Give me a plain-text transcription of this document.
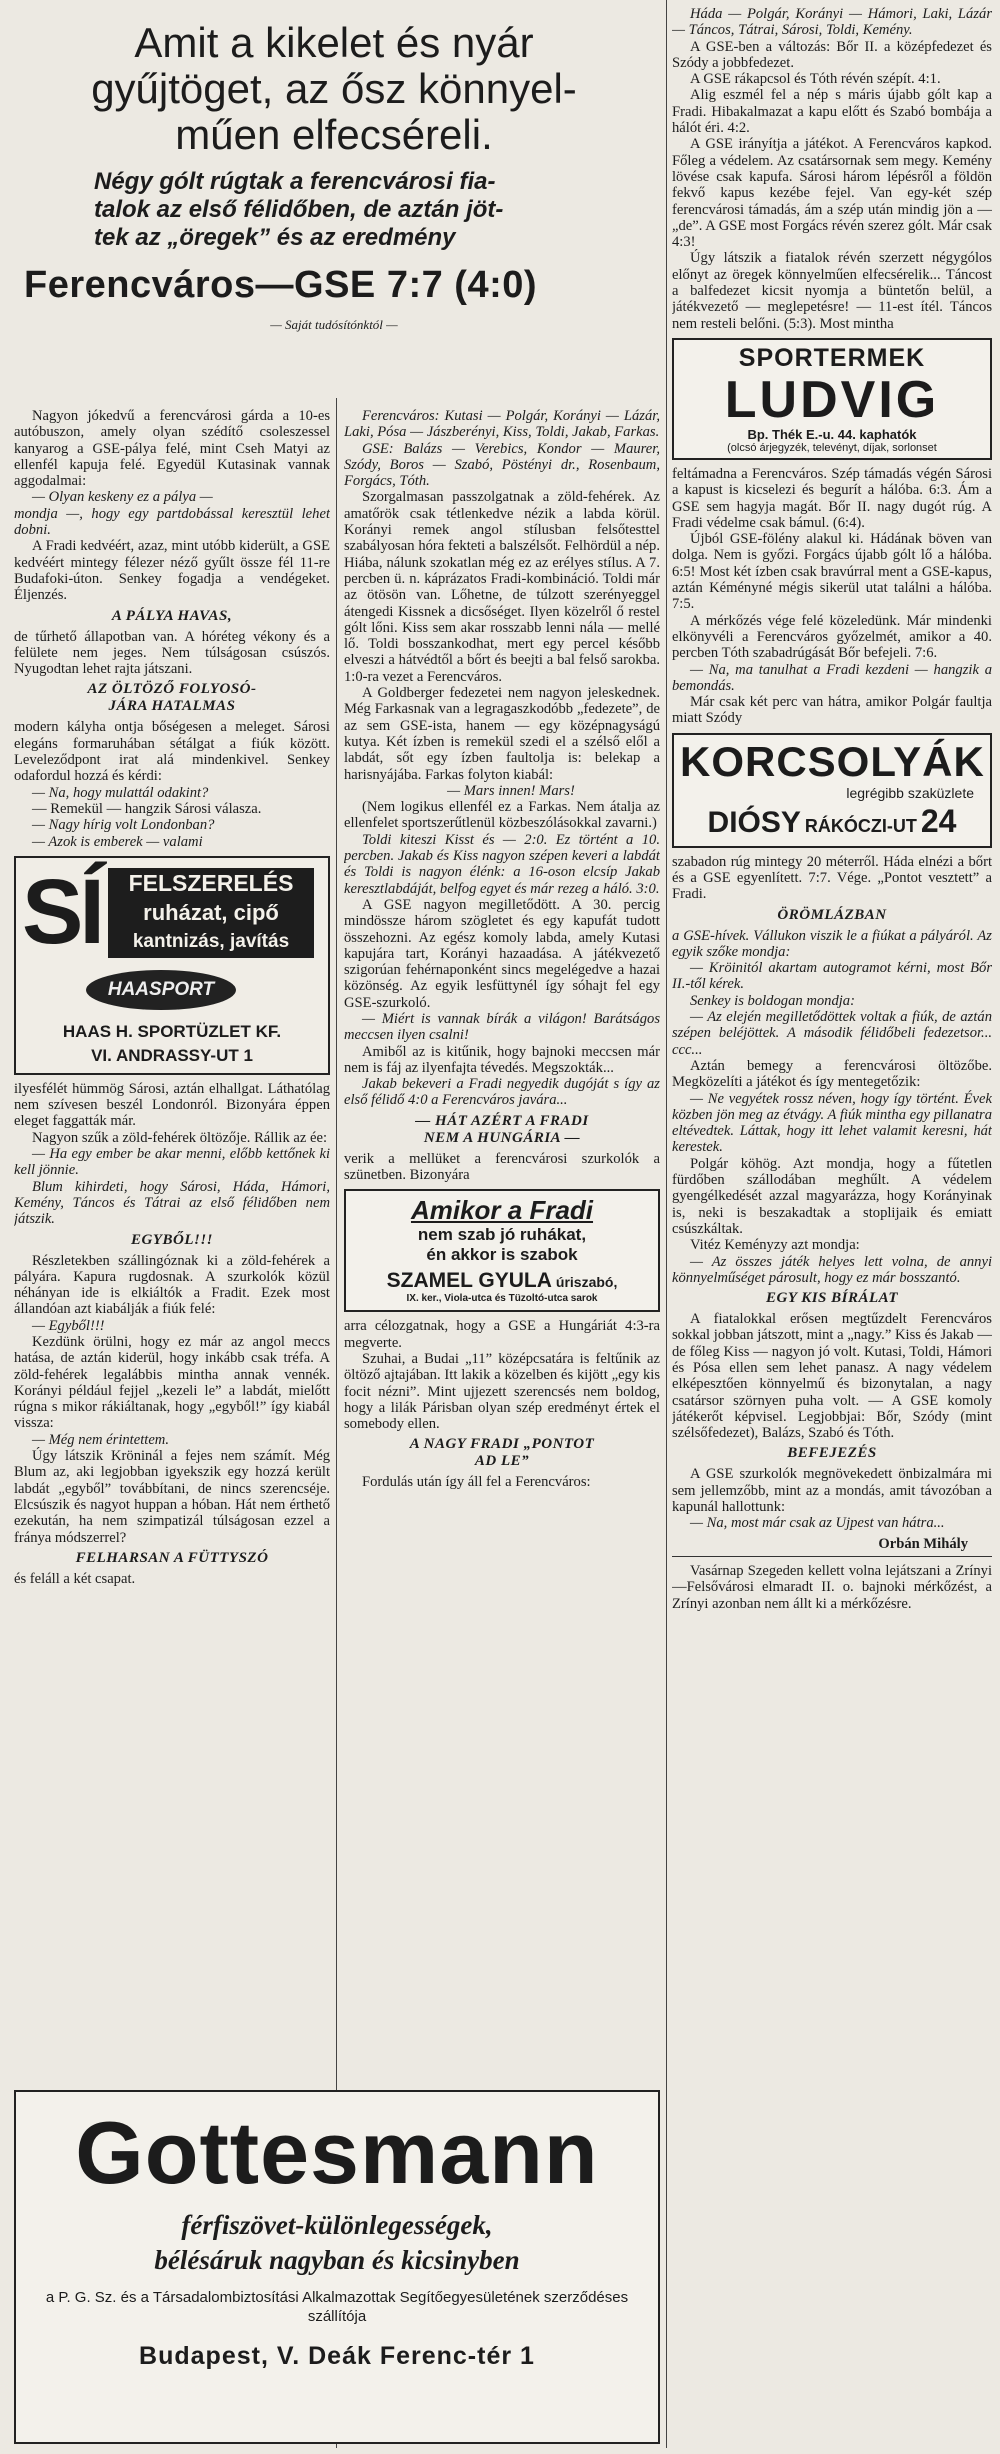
Amit a kikelet és nyár

gyűjtöget, az ősz könnyel-

műen elfecséreli.

Négy gólt rúgtak a ferencvárosi fia-

talok az első félidőben, de aztán jöt-

tek az „öregek” és az eredmény

Ferencváros—GSE 7:7 (4:0)

— Saját tudósítónktól —

Nagyon jókedvű a ferencvárosi gárda a 10-es autóbuszon, amely olyan szédítő csoleszessel kanyarog a GSE-pálya felé, mint Cseh Matyi az ellenfél kapuja felé. Egyedül Kutasinak vannak aggodalmai:

— Olyan keskeny ez a pálya —

mondja —, hogy egy partdobással keresztül lehet dobni.

A Fradi kedvéért, azaz, mint utóbb kiderült, a GSE kedvéért mintegy félezer néző gyűlt össze fél 11-re Budafoki-úton. Senkey fogadja a vendégeket. Éljenzés.

A PÁLYA HAVAS,

de tűrhető állapotban van. A hóréteg vékony és a felülete nem jeges. Nem túlságosan csúszós. Nyugodtan lehet rajta játszani.

AZ ÖLTÖZŐ FOLYOSÓ-

JÁRA HATALMAS

modern kályha ontja bőségesen a meleget. Sárosi elegáns formaruhában sétálgat a fiúk között. Leveleződpont irat alá mindenkivel. Senkey odafordul hozzá és kérdi:

— Na, hogy mulattál odakint?

— Remekül — hangzik Sárosi válasza.

— Nagy hírig volt Londonban?

— Azok is emberek — valami

SÍ	FELSZERELÉS
ruházat, cipő
kantnizás, javítás
HAASPORT
HAAS H. SPORTÜZLET KF.
VI. ANDRASSY-UT 1

ilyesfélét hümmög Sárosi, aztán elhallgat. Láthatólag nem szívesen beszél Londonról. Bizonyára éppen eleget faggatták már.

Nagyon szűk a zöld-fehérek öltözője. Rállik az ée:

— Ha egy ember be akar menni, előbb kettőnek ki kell jönnie.

Blum kihirdeti, hogy Sárosi, Háda, Hámori, Kemény, Táncos és Tátrai az első félidőben nem játszik.

EGYBŐL!!!

Részletekben szállingóznak ki a zöld-fehérek a pályára. Kapura rugdosnak. A szurkolók közül néhányan ide is elkiáltók a Fradit. Ezek most állandóan azt kiabálják a fiúk felé:

— Egyből!!!

Kezdünk örülni, hogy ez már az angol meccs hatása, de aztán kiderül, hogy inkább csak tréfa. A zöld-fehérek legalábbis mintha annak vennék. Korányi például fejjel „kezeli le” a labdát, mielőtt rúgna s mikor rákiáltanak, hogy „egyből!” így kiabál vissza:

— Még nem érintettem.

Úgy látszik Kröninál a fejes nem számít. Még Blum az, aki legjobban igyekszik egy hozzá került labdát „egyből” továbbítani, de nincs szerencséje. Elcsúszik és nagyot huppan a hóban. Hát nem érthető ezekután, ha nem szimpatizál túlságosan ezzel a fránya módszerrel?

FELHARSAN A FÜTTYSZÓ

és feláll a két csapat.

Ferencváros: Kutasi — Polgár, Korányi — Lázár, Laki, Pósa — Jászberényi, Kiss, Toldi, Jakab, Farkas.

GSE: Balázs — Verebics, Kondor — Maurer, Szódy, Boros — Szabó, Pöstényi dr., Rosenbaum, Forgács, Tóth.

Szorgalmasan passzolgatnak a zöld-fehérek. Az amatőrök csak tétlenkedve nézik a labda körül. Korányi remek angol stílusban felsőtesttel szabályosan hóra fekteti a balszélsőt. Felhördül a nép. Hiába, nálunk szokatlan még ez az erélyes stílus. A 7. percben ü. n. káprázatos Fradi-kombináció. Toldi már az ötösön van. Lőhetne, de túlzott szerényeggel átengedi Kissnek a dicsőséget. Ilyen közelről ő restel gólt lőni. Kiss sem akar rosszabb lenni nála — mellé lő. Toldi bosszankodhat, mert egy percel később elveszi a hátvédtől a bőrt és beejti a bal felső sarokba. 1:0-ra vezet a Ferencváros.

A Goldberger fedezetei nem nagyon jeleskednek. Még Farkasnak van a legragaszkodóbb „fedezete”, de az sem GSE-ista, hanem — egy középnagyságú kutya. Két ízben is remekül szedi el a szélső elől a labdát, sőt egy ízben faultolja is: belekap a harisnyájába. Farkas folyton kiabál:

— Mars innen! Mars!

(Nem logikus ellenfél ez a Farkas. Nem átalja az ellenfelet sportszerűtlenül közbeszólásokkal zavarni.)

Toldi kiteszi Kisst és — 2:0. Ez történt a 10. percben. Jakab és Kiss nagyon szépen keveri a labdát és Toldi is nagyon élénk: a 16-oson elcsíp Jakab keresztlabdáját, belfog egyet és már rezeg a háló. 3:0.

A GSE nagyon megilletődött. A 30. percig mindössze három szögletet és egy kapufát tudott összehozni. Az egész komoly labda, amely Kutasi kapujára tart, Korányi hazaadása. A játékvezető szigorúan fehérnaponként sincs megelégedve a hazai közönség. Az egyik lesfüttynél így sóhajt fel egy GSE-szurkoló.

— Miért is vannak bírák a világon! Barátságos meccsen ilyen csalni!

Amiből az is kitűnik, hogy bajnoki meccsen már nem is fáj az ilyenfajta tévedés. Megszokták...

Jakab bekeveri a Fradi negyedik dugóját s így az első félidő 4:0 a Ferencváros javára...

— HÁT AZÉRT A FRADI

NEM A HUNGÁRIA —

verik a mellüket a ferencvárosi szurkolók a szünetben. Bizonyára

Amikor a Fradi
nem szab jó ruhákat,
én akkor is szabok
SZAMEL GYULA úriszabó,
IX. ker., Viola-utca és Tüzoltó-utca sarok

arra célozgatnak, hogy a GSE a Hungáriát 4:3-ra megverte.

Szuhai, a Budai „11” középcsatára is feltűnik az öltöző ajtajában. Itt lakik a közelben és kijött „egy kis focit nézni”. Mint ujjezett szerencsés nem boldog, hogy a lilák Párisban olyan szép eredményt értek el somebody ellen.

A NAGY FRADI „PONTOT

AD LE”

Fordulás után így áll fel a Ferencváros:

Gottesmann
férfiszövet-különlegességek,
bélésáruk nagyban és kicsinyben
a P. G. Sz. és a Társadalombiztosítási Alkalmazottak Segítőegyesületének szerződéses szállítója
Budapest, V. Deák Ferenc-tér 1

Háda — Polgár, Korányi — Hámori, Laki, Lázár — Táncos, Tátrai, Sárosi, Toldi, Kemény.

A GSE-ben a változás: Bőr II. a középfedezet és Szódy a jobbfedezet.

A GSE rákapcsol és Tóth révén szépít. 4:1.

Alig eszmél fel a nép s máris újabb gólt kap a Fradi. Hibakalmazat a kapu előtt és Szabó bombája a hálót éri. 4:2.

A GSE irányítja a játékot. A Ferencváros kapkod. Főleg a védelem. Az csatársornak sem megy. Kemény lövése csak kapufa. Sárosi három lépésről a földön fekvő kapus kezébe fejel. Van egy-két szép ferencvárosi támadás, ám a szép után mindig jön a —„de”. A GSE most Forgács révén szerez gólt. Már csak 4:3!

Úgy látszik a fiatalok révén szerzett négygólos előnyt az öregek könnyelműen elfecsérelik... Táncost a balfedezet kicsit nyomja a büntetőn belül, a játékvezető — meglepetésre! — 11-est ítél. Táncos nem resteli belőni. (5:3). Most mintha

SPORTERMEK
LUDVIG
Bp. Thék E.-u. 44. kaphatók
(olcsó árjegyzék, televényt, díjak, sorlonset

feltámadna a Ferencváros. Szép támadás végén Sárosi a kapust is kicselezi és begurít a hálóba. 6:3. Ám a GSE sem hagyja magát. Bőr II. nagy dugót rúg. A Fradi védelme csak bámul. (6:4).

Újból GSE-fölény alakul ki. Hádának böven van dolga. Nem is győzi. Forgács újabb gólt lő a hálóba. 6:5! Most két ízben csak bravúrral ment a GSE-kapus, aztán Kéményné mégis sikerül utat találni a hálóba. 7:5.

A mérkőzés vége felé közeledünk. Már mindenki elkönyvéli a Ferencváros győzelmét, amikor a 40. percben Tóth szabadrúgását Bőr befejeli. 7:6.

— Na, ma tanulhat a Fradi kezdeni — hangzik a bemondás.

Már csak két perc van hátra, amikor Polgár faultja miatt Szódy

KORCSOLYÁK
legrégibb szaküzlete
DIÓSY RÁKÓCZI-UT 24

szabadon rúg mintegy 20 méterről. Háda elnézi a bőrt és a GSE egyenlített. 7:7. Vége. „Pontot vesztett” a Fradi.

ÖRÖMLÁZBAN

a GSE-hívek. Vállukon viszik le a fiúkat a pályáról. Az egyik szőke mondja:

— Kröinitól akartam autogramot kérni, most Bőr II.-től kérek.

Senkey is boldogan mondja:

— Az elején megilletődöttek voltak a fiúk, de aztán szépen beléjöttek. A második félidőbeli fedezetsor... ccc...

Aztán bemegy a ferencvárosi öltözőbe. Megközelíti a játékot és így mentegetőzik:

— Ne vegyétek rossz néven, hogy így történt. Évek közben jön meg az étvágy. A fiúk mintha egy pillanatra eltévedtek. Láttak, hogy itt lehet valamit keresni, hát kerestek.

Polgár köhög. Azt mondja, hogy a fűtetlen fürdőben szállodában meghűlt. A védelem gyengélkedését azzal magyarázza, hogy Korányinak is, neki is beszakadtak a stoplijaik és emiatt csúszkáltak.

Vitéz Keményzy azt mondja:

— Az összes játék helyes lett volna, de annyi könnyelműséget párosult, hogy ez már bosszantó.

EGY KIS BÍRÁLAT

A fiatalokkal erősen megtűzdelt Ferencváros sokkal jobban játszott, mint a „nagy.” Kiss és Jakab — de főleg Kiss — nagyon jó volt. Kutasi, Toldi, Hámori és Pósa ellen sem lehet panasz. A nagy védelem elképesztően könnyelmű és bizonytalan, a nagy csatársor szörnyen puha volt. — A GSE komoly játékerőt képvisel. Legjobbjai: Bőr, Szódy (mint szélsőfedezet), Balázs, Szabó és Tóth.

BEFEJEZÉS

A GSE szurkolók megnövekedett önbizalmára mi sem jellemzőbb, mint az a mondás, amit távozóban a kapunál hallottunk:

— Na, most már csak az Ujpest van hátra...

Orbán Mihály

Vasárnap Szegeden kellett volna lejátszani a Zrínyi—Felsővárosi elmaradt II. o. bajnoki mérkőzést, a Zrínyi azonban nem állt ki a mérkőzésre.
